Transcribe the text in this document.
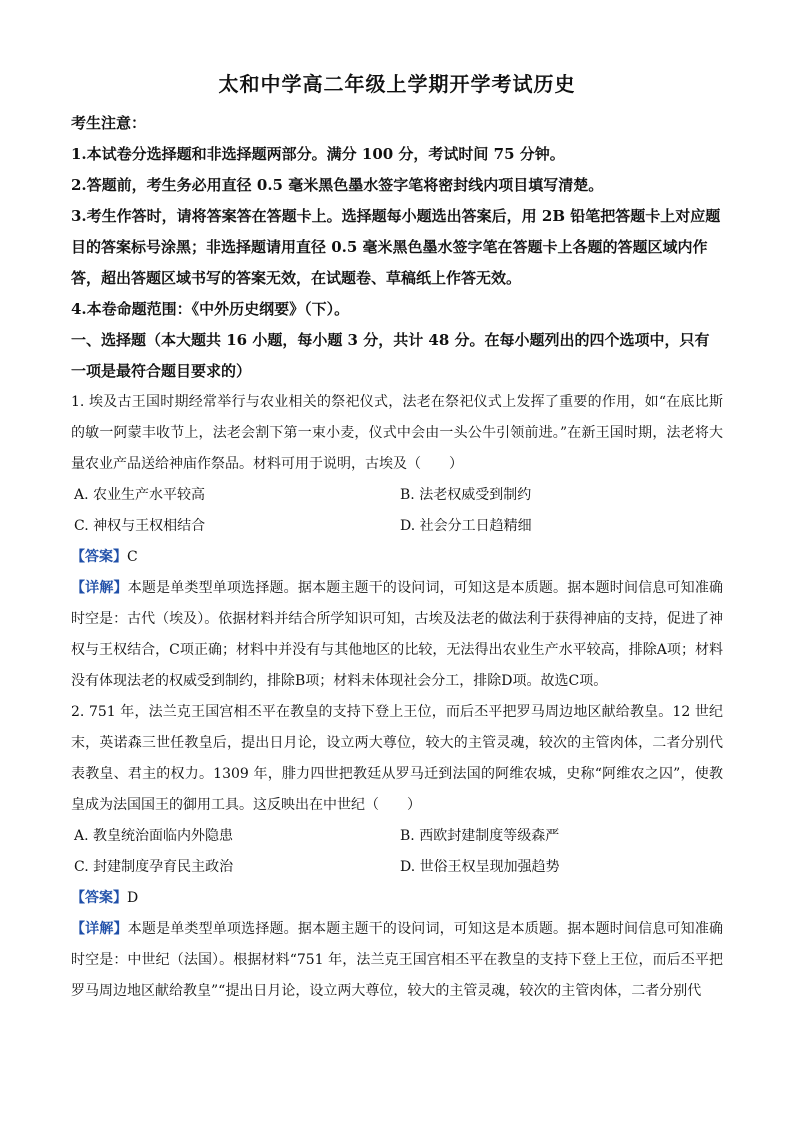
太和中学高二年级上学期开学考试历史

考生注意：

1.本试卷分选择题和非选择题两部分。满分 100 分，考试时间 75 分钟。

2.答题前，考生务必用直径 0.5 毫米黑色墨水签字笔将密封线内项目填写清楚。

3.考生作答时，请将答案答在答题卡上。选择题每小题选出答案后，用 2B 铅笔把答题卡上对应题目的答案标号涂黑；非选择题请用直径 0.5 毫米黑色墨水签字笔在答题卡上各题的答题区域内作答，超出答题区域书写的答案无效，在试题卷、草稿纸上作答无效。

4.本卷命题范围：《中外历史纲要》（下）。

一、选择题（本大题共 16 小题，每小题 3 分，共计 48 分。在每小题列出的四个选项中，只有一项是最符合题目要求的）

1. 埃及古王国时期经常举行与农业相关的祭祀仪式，法老在祭祀仪式上发挥了重要的作用，如“在底比斯的敏一阿蒙丰收节上，法老会割下第一束小麦，仪式中会由一头公牛引领前进。”在新王国时期，法老将大量农业产品送给神庙作祭品。材料可用于说明，古埃及（　　）

A. 农业生产水平较高	B. 法老权威受到制约
C. 神权与王权相结合	D. 社会分工日趋精细

【答案】C

【详解】本题是单类型单项选择题。据本题主题干的设问词，可知这是本质题。据本题时间信息可知准确时空是：古代（埃及）。依据材料并结合所学知识可知，古埃及法老的做法利于获得神庙的支持，促进了神权与王权结合，C项正确；材料中并没有与其他地区的比较，无法得出农业生产水平较高，排除A项；材料没有体现法老的权威受到制约，排除B项；材料未体现社会分工，排除D项。故选C项。

2. 751 年，法兰克王国宫相丕平在教皇的支持下登上王位，而后丕平把罗马周边地区献给教皇。12 世纪末，英诺森三世任教皇后，提出日月论，设立两大尊位，较大的主管灵魂，较次的主管肉体，二者分别代表教皇、君主的权力。1309 年，腓力四世把教廷从罗马迁到法国的阿维农城，史称“阿维农之囚”，使教皇成为法国国王的御用工具。这反映出在中世纪（　　）

A. 教皇统治面临内外隐患	B. 西欧封建制度等级森严
C. 封建制度孕育民主政治	D. 世俗王权呈现加强趋势

【答案】D

【详解】本题是单类型单项选择题。据本题主题干的设问词，可知这是本质题。据本题时间信息可知准确时空是：中世纪（法国）。根据材料“751 年，法兰克王国宫相丕平在教皇的支持下登上王位，而后丕平把罗马周边地区献给教皇”“提出日月论，设立两大尊位，较大的主管灵魂，较次的主管肉体，二者分别代
